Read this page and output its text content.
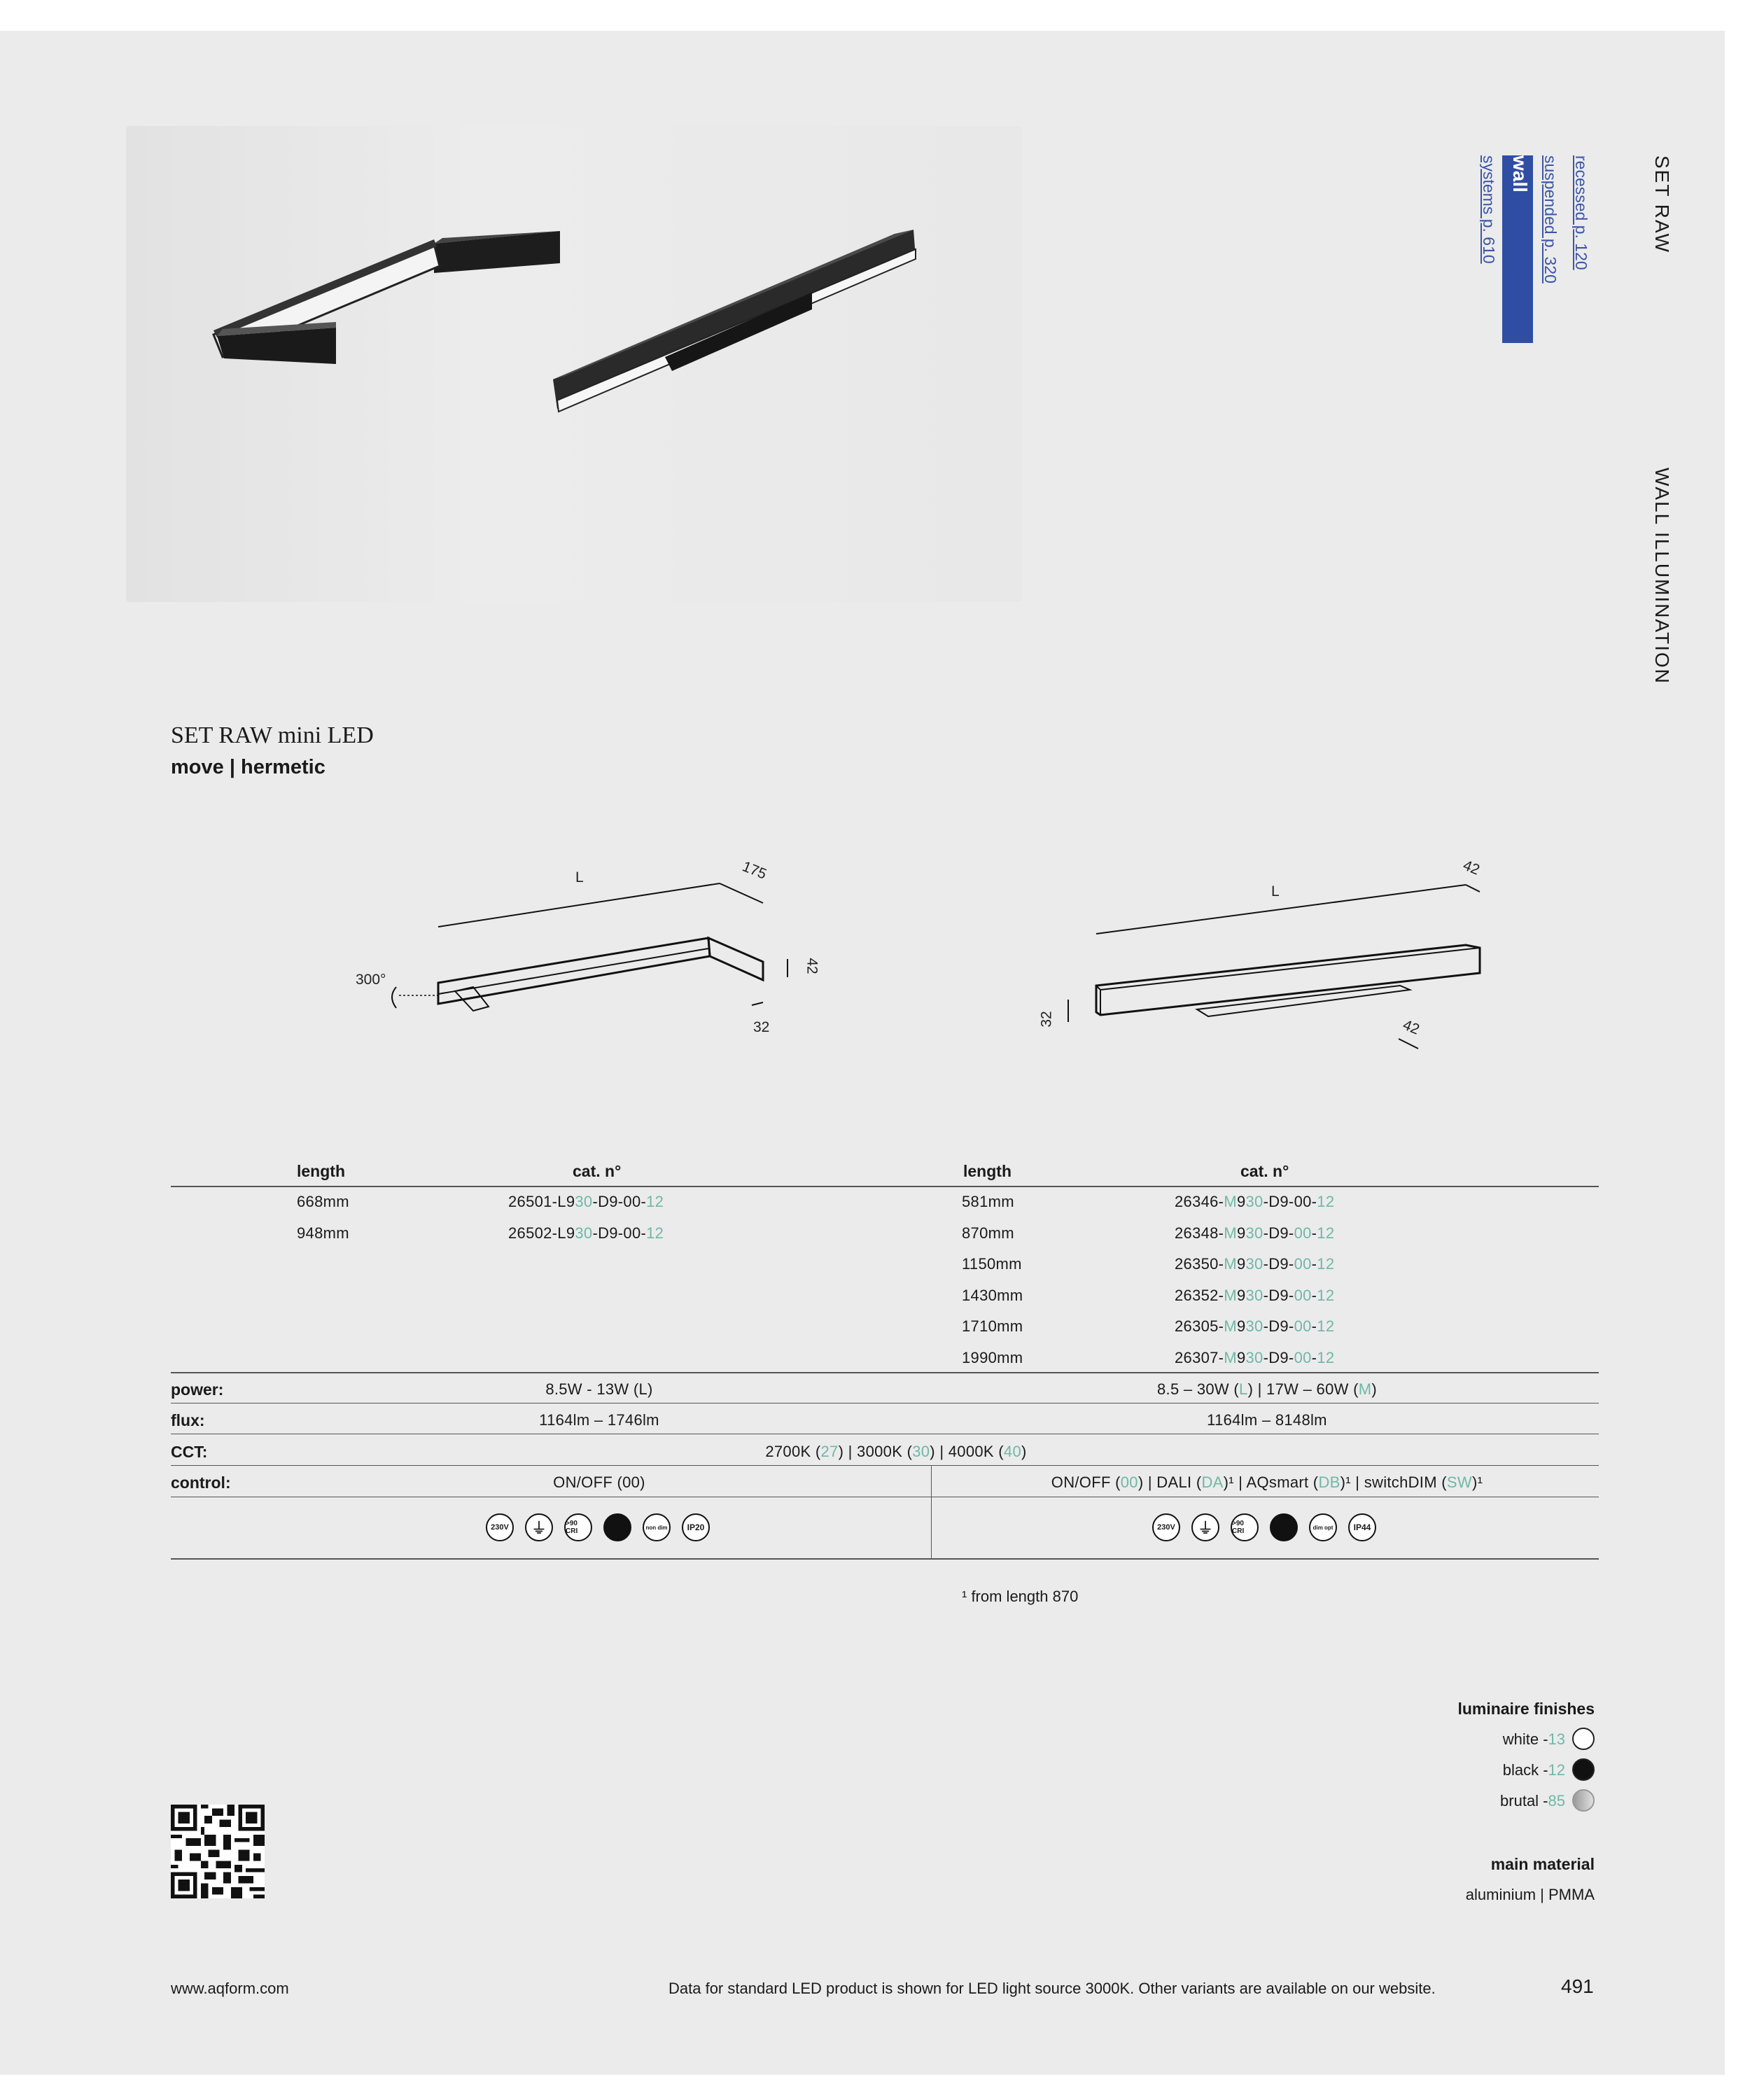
SET RAW
WALL ILLUMINATION
recessed p. 120
suspended p. 320
wall
systems p. 610
SET RAW mini LED
move | hermetic
L	175
42
32
300°
L
42
32	42
length	cat. n°	length	cat. n°
668mm	26501-L930-D9-00-12
948mm	26502-L930-D9-00-12
581mm	26346-M930-D9-00-12
870mm	26348-M930-D9-00-12
1150mm	26350-M930-D9-00-12
1430mm	26352-M930-D9-00-12
1710mm	26305-M930-D9-00-12
1990mm	26307-M930-D9-00-12
power:	8.5W - 13W (L)	8.5 – 30W (L) | 17W – 60W (M)
flux:	1164lm – 1746lm	1164lm – 8148lm
CCT:	2700K (27) | 3000K (30) | 4000K (40)
control:	ON/OFF (00)	ON/OFF (00) | DALI (DA)¹ | AQsmart (DB)¹ | switchDIM (SW)¹
230V	⏚	>90 CRI	non dim	IP20	230V	⏚	>90 CRI	dim opt	IP44
¹ from length 870
luminaire finishes
white -13
black -12
brutal -85
main material
aluminium | PMMA
www.aqform.com	Data for standard LED product is shown for LED light source 3000K. Other variants are available on our website.	491
